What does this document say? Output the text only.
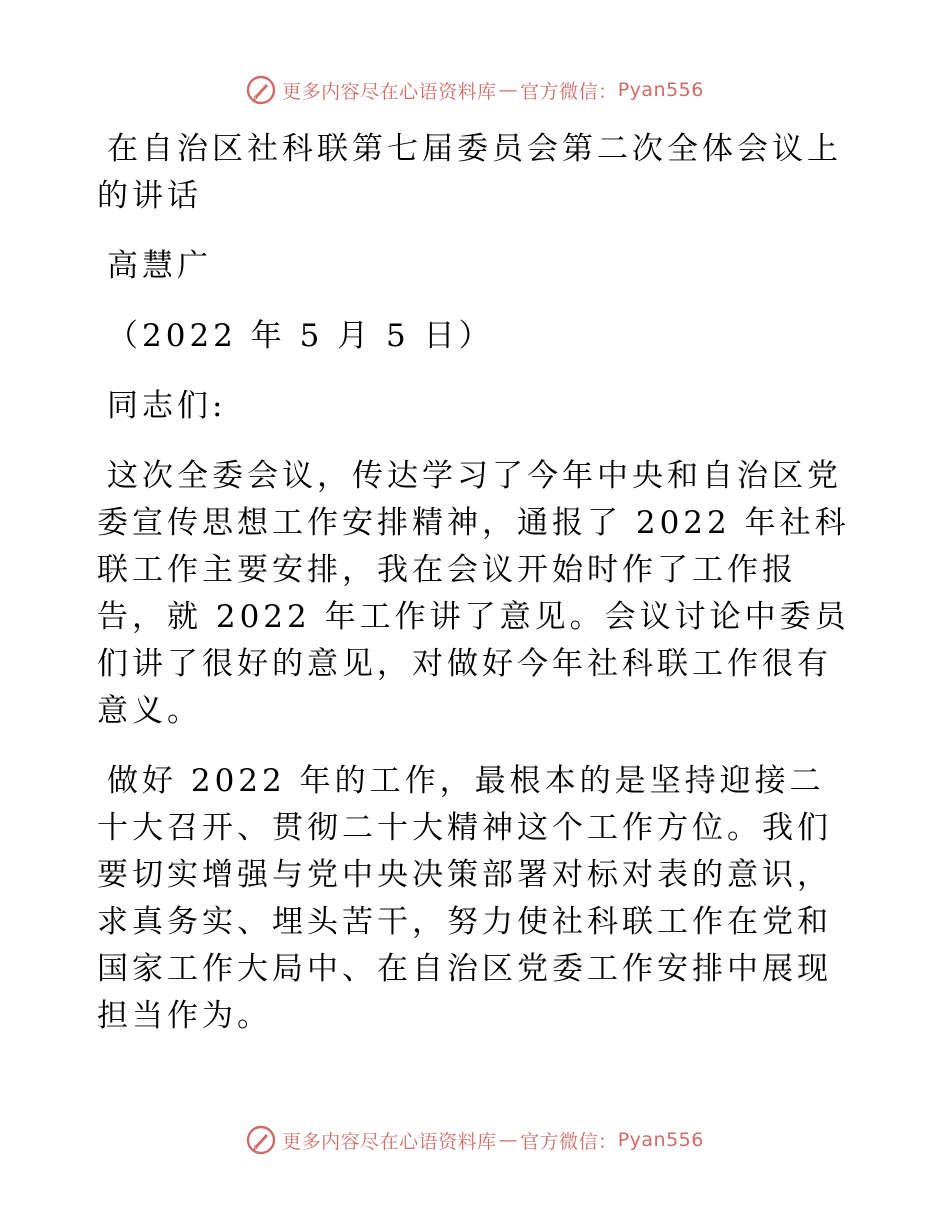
更多内容尽在心语资料库 — 官方微信： Pyan556
在自治区社科联第七届委员会第二次全体会议上
的讲话
高慧广
（2022 年 5 月 5 日）
同志们:
这次全委会议，传达学习了今年中央和自治区党委宣传思想工作安排精神，通报了 2022 年社科联工作主要安排，我在会议开始时作了工作报告，就 2022 年工作讲了意见。会议讨论中委员们讲了很好的意见，对做好今年社科联工作很有意义。
做好 2022 年的工作，最根本的是坚持迎接二十大召开、贯彻二十大精神这个工作方位。我们要切实增强与党中央决策部署对标对表的意识，求真务实、埋头苦干，努力使社科联工作在党和国家工作大局中、在自治区党委工作安排中展现担当作为。
更多内容尽在心语资料库 — 官方微信： Pyan556
